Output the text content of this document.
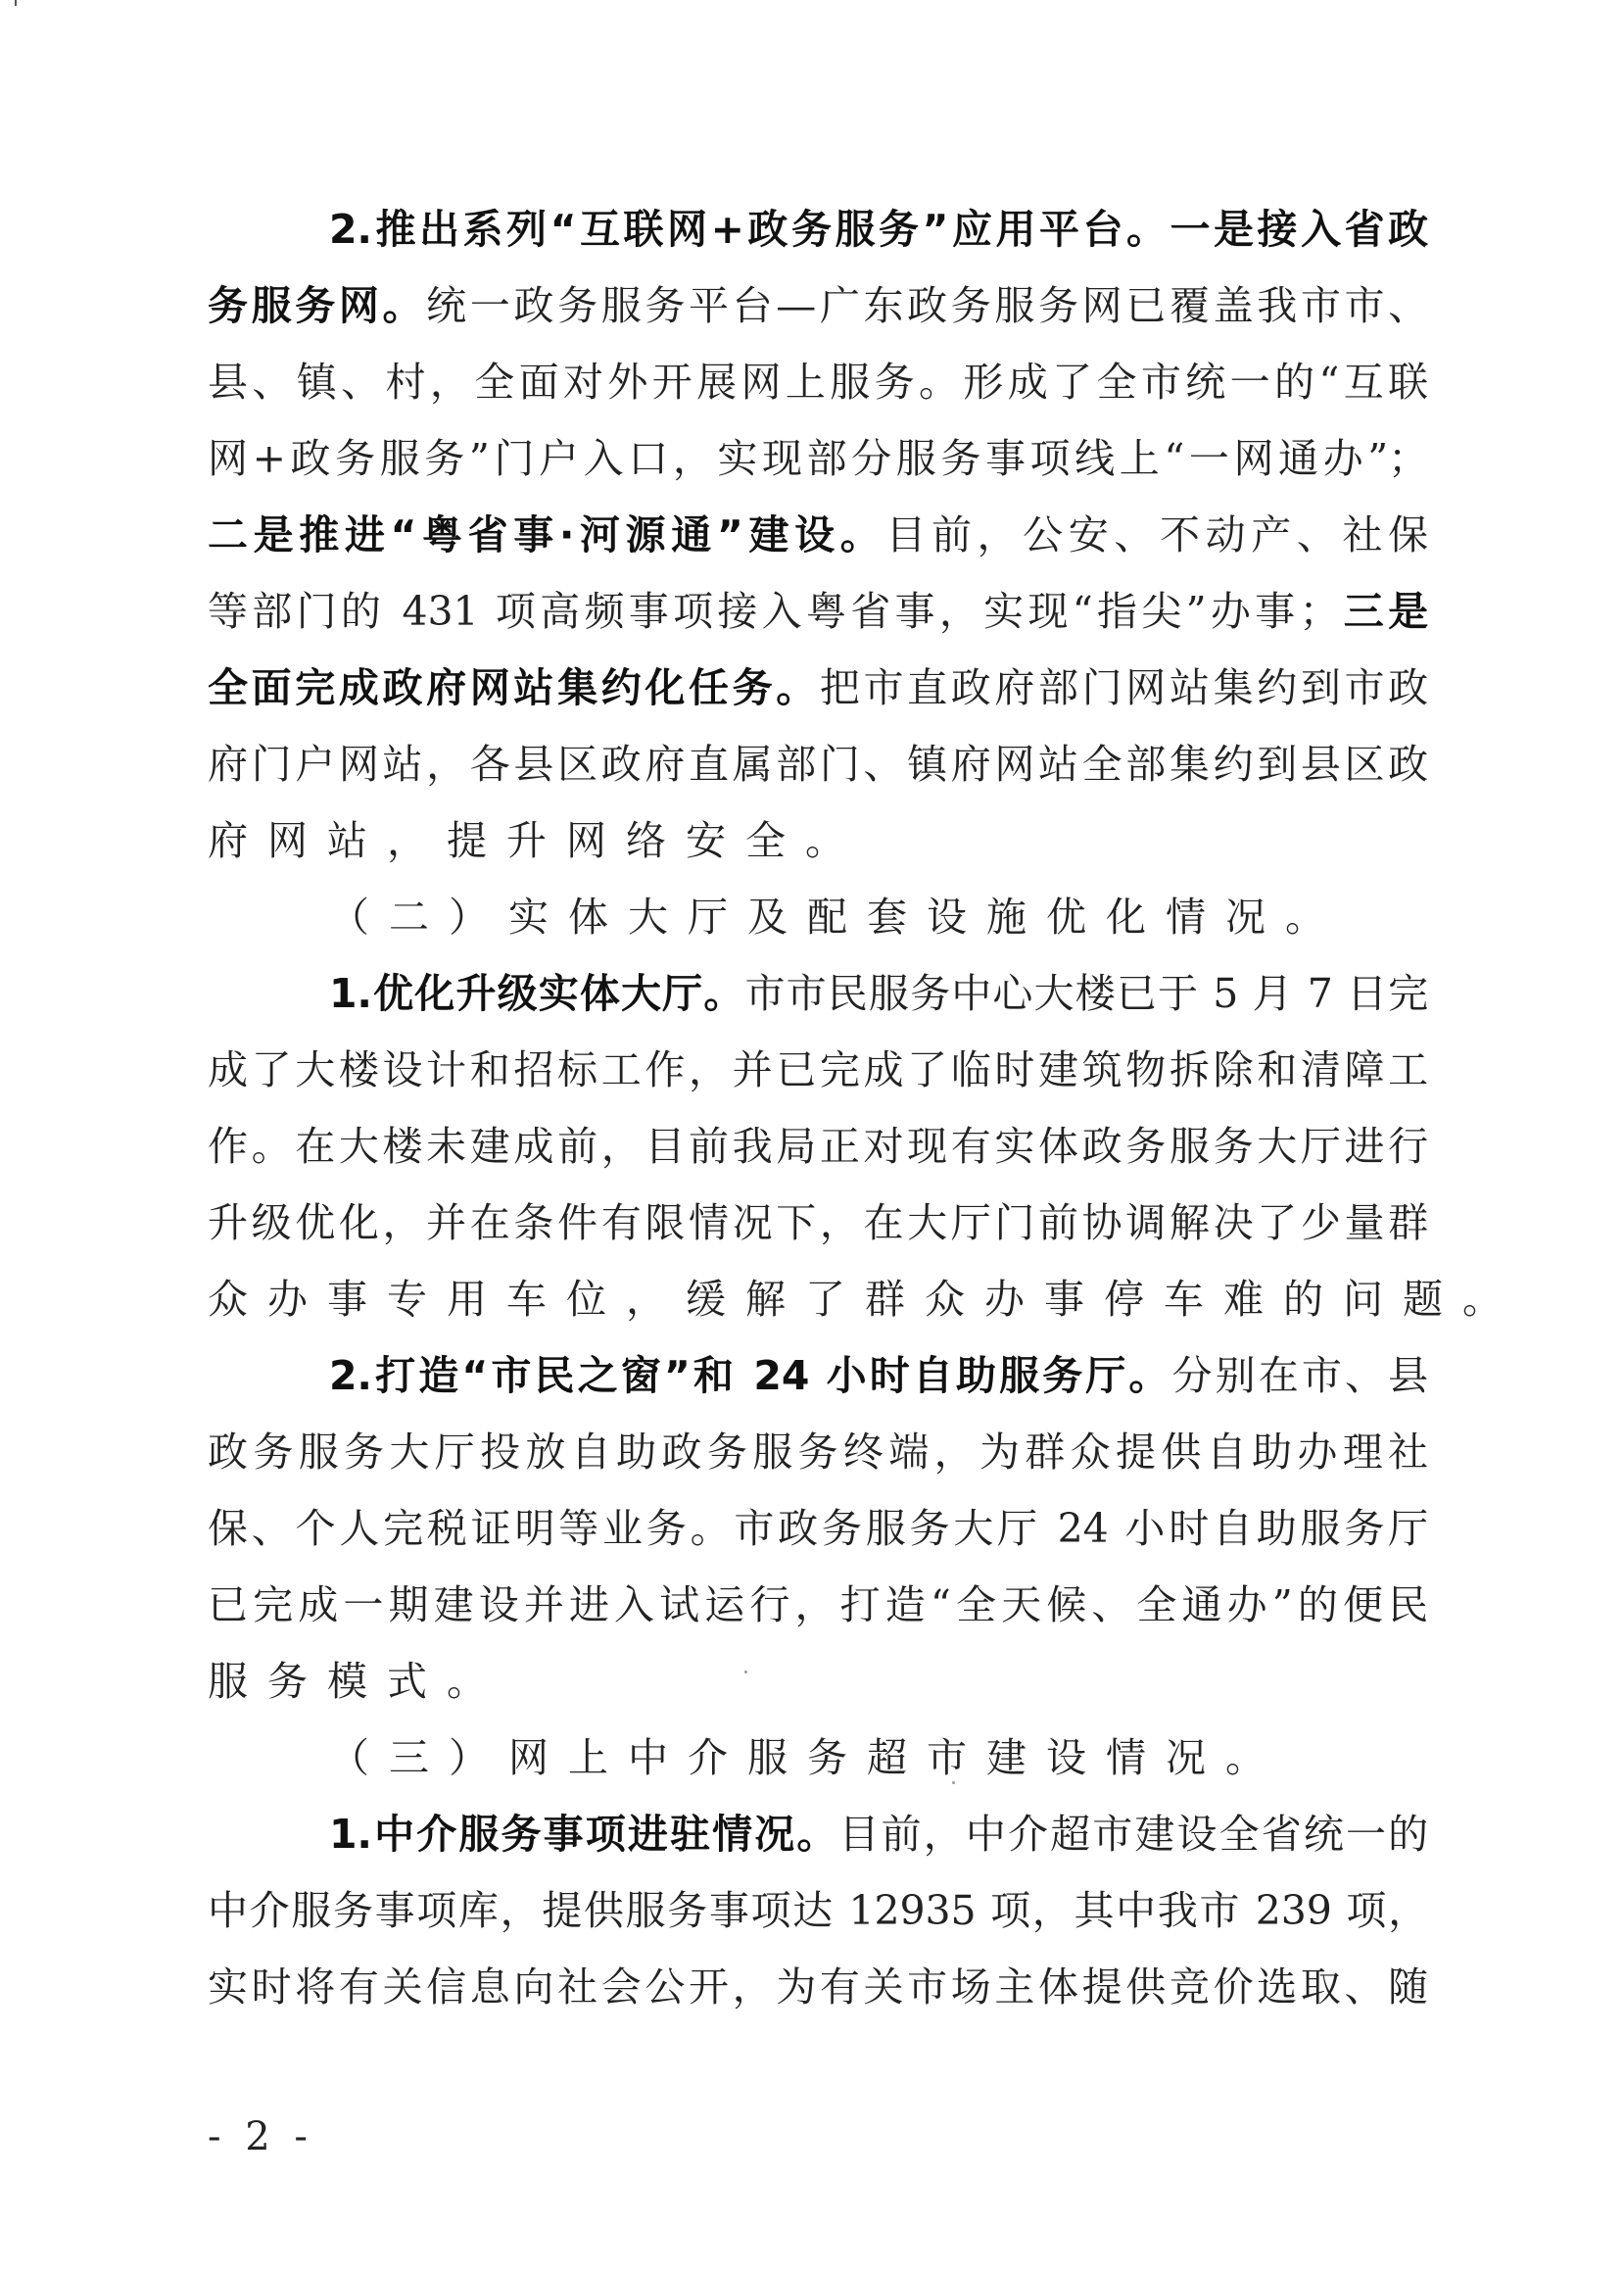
2.推出系列“互联网+政务服务”应用平台。一是接入省政
务服务网。统一政务服务平台—广东政务服务网已覆盖我市市、
县、镇、村，全面对外开展网上服务。形成了全市统一的“互联
网+政务服务”门户入口，实现部分服务事项线上“一网通办”；
二是推进“粤省事·河源通”建设。目前，公安、不动产、社保
等部门的 431 项高频事项接入粤省事，实现“指尖”办事；三是
全面完成政府网站集约化任务。把市直政府部门网站集约到市政
府门户网站，各县区政府直属部门、镇府网站全部集约到县区政
府网站，提升网络安全。
（二）实体大厅及配套设施优化情况。
1.优化升级实体大厅。市市民服务中心大楼已于 5 月 7 日完
成了大楼设计和招标工作，并已完成了临时建筑物拆除和清障工
作。在大楼未建成前，目前我局正对现有实体政务服务大厅进行
升级优化，并在条件有限情况下，在大厅门前协调解决了少量群
众办事专用车位，缓解了群众办事停车难的问题。
2.打造“市民之窗”和 24 小时自助服务厅。分别在市、县
政务服务大厅投放自助政务服务终端，为群众提供自助办理社
保、个人完税证明等业务。市政务服务大厅 24 小时自助服务厅
已完成一期建设并进入试运行，打造“全天候、全通办”的便民
服务模式。
（三）网上中介服务超市建设情况。
1.中介服务事项进驻情况。目前，中介超市建设全省统一的
中介服务事项库，提供服务事项达 12935 项，其中我市 239 项，
实时将有关信息向社会公开，为有关市场主体提供竞价选取、随
- 2 -
